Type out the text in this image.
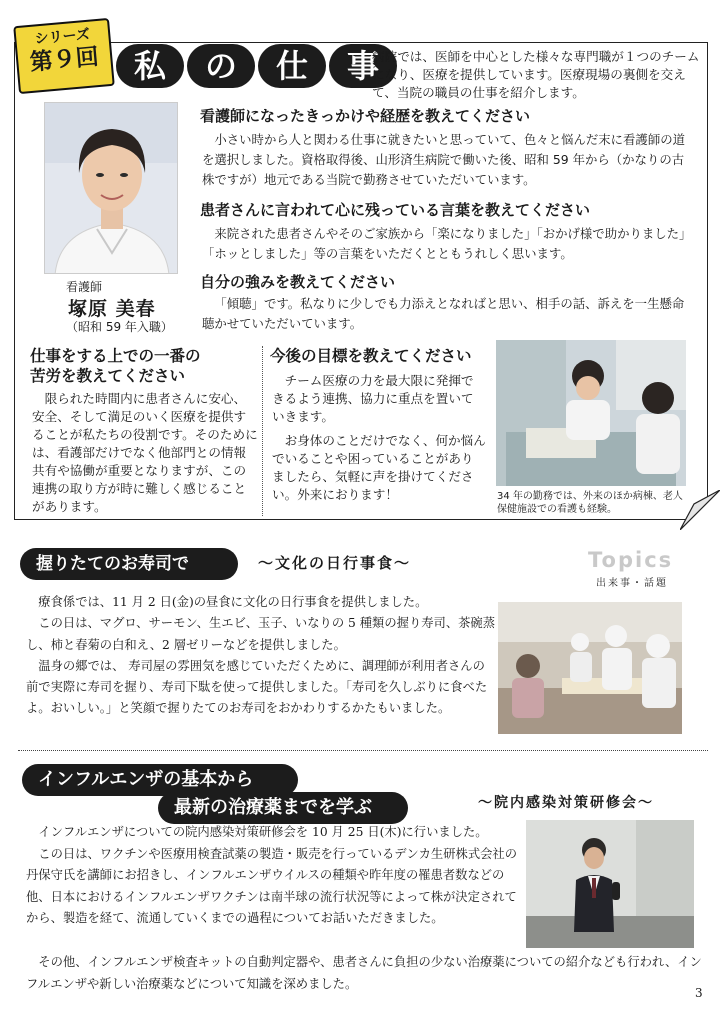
シリーズ
第９回	私	の	仕	事
病院では、医師を中心とした様々な専門職が１つのチームになり、医療を提供しています。医療現場の裏側を交えて、当院の職員の仕事を紹介します。
看護師
塚原 美春
（昭和 59 年入職）
看護師になったきっかけや経歴を教えてください
小さい時から人と関わる仕事に就きたいと思っていて、色々と悩んだ末に看護師の道を選択しました。資格取得後、山形済生病院で働いた後、昭和 59 年から（かなりの古株ですが）地元である当院で勤務させていただいています。
患者さんに言われて心に残っている言葉を教えてください
来院された患者さんやそのご家族から「楽になりました」「おかげ様で助かりました」「ホッとしました」等の言葉をいただくとともうれしく思います。
自分の強みを教えてください
「傾聴」です。私なりに少しでも力添えとなればと思い、相手の話、訴えを一生懸命聴かせていただいています。
仕事をする上での一番の
苦労を教えてください
限られた時間内に患者さんに安心、安全、そして満足のいく医療を提供することが私たちの役割です。そのためには、看護部だけでなく他部門との情報共有や協働が重要となりますが、この連携の取り方が時に難しく感じることがあります。
今後の目標を教えてください
チーム医療の力を最大限に発揮できるよう連携、協力に重点を置いていきます。
お身体のことだけでなく、何か悩んでいることや困っていることがありましたら、気軽に声を掛けてください。外来におります！	34 年の勤務では、外来のほか病棟、老人保健施設での看護も経験。
握りたてのお寿司で	～文化の日行事食～	Topics
出来事・話題

療食係では、11 月 2 日(金)の昼食に文化の日行事食を提供しました。

この日は、マグロ、サーモン、生エビ、玉子、いなりの 5 種類の握り寿司、茶碗蒸し、柿と春菊の白和え、2 層ゼリーなどを提供しました。

温身の郷では、 寿司屋の雰囲気を感じていただくために、調理師が利用者さんの前で実際に寿司を握り、寿司下駄を使って提供しました。「寿司を久しぶりに食べたよ。おいしい。」と笑顔で握りたてのお寿司をおかわりするかたもいました。

インフルエンザの基本から
最新の治療薬までを学ぶ	～院内感染対策研修会～

インフルエンザについての院内感染対策研修会を 10 月 25 日(木)に行いました。

この日は、ワクチンや医療用検査試薬の製造・販売を行っているデンカ生研株式会社の丹保守氏を講師にお招きし、インフルエンザウイルスの種類や昨年度の罹患者数などの他、日本におけるインフルエンザワクチンは南半球の流行状況等によって株が決定されてから、製造を経て、流通していくまでの過程についてお話いただきました。

その他、インフルエンザ検査キットの自動判定器や、患者さんに負担の少ない治療薬についての紹介なども行われ、インフルエンザや新しい治療薬などについて知識を深めました。

3
